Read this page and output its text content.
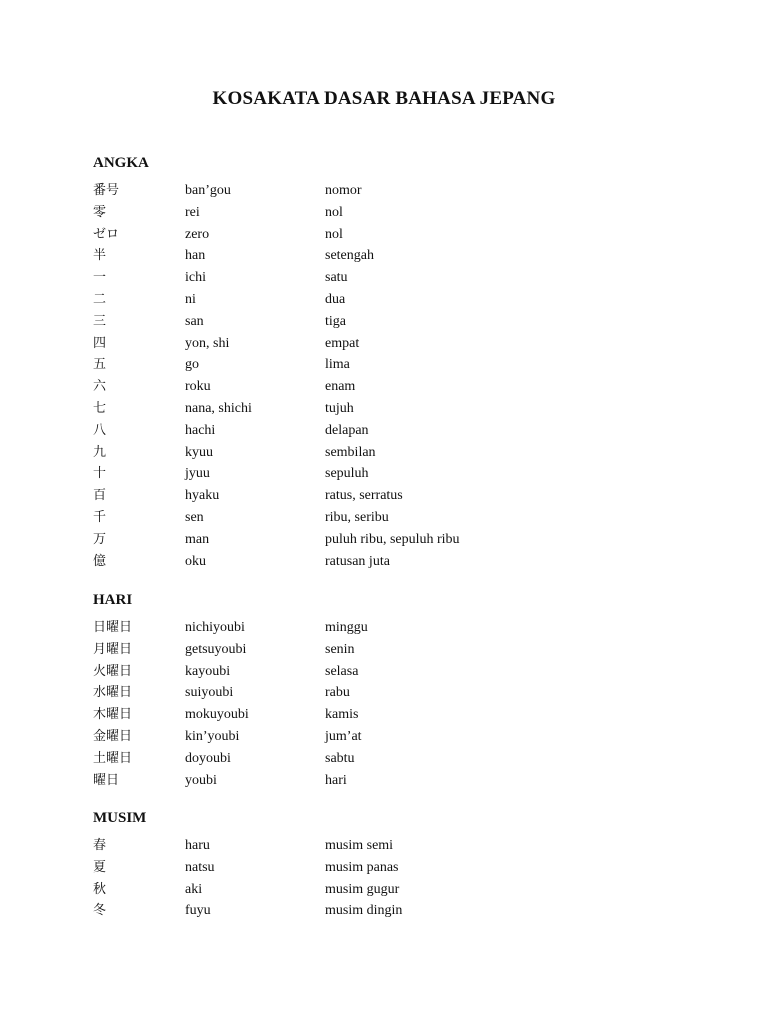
KOSAKATA DASAR BAHASA JEPANG
ANGKA
番号	ban’gou	nomor
零	rei	nol
ゼロ	zero	nol
半	han	setengah
一	ichi	satu
二	ni	dua
三	san	tiga
四	yon, shi	empat
五	go	lima
六	roku	enam
七	nana, shichi	tujuh
八	hachi	delapan
九	kyuu	sembilan
十	jyuu	sepuluh
百	hyaku	ratus, serratus
千	sen	ribu, seribu
万	man	puluh ribu, sepuluh ribu
億	oku	ratusan juta
HARI
日曜日	nichiyoubi	minggu
月曜日	getsuyoubi	senin
火曜日	kayoubi	selasa
水曜日	suiyoubi	rabu
木曜日	mokuyoubi	kamis
金曜日	kin’youbi	jum’at
土曜日	doyoubi	sabtu
曜日	youbi	hari
MUSIM
春	haru	musim semi
夏	natsu	musim panas
秋	aki	musim gugur
冬	fuyu	musim dingin
